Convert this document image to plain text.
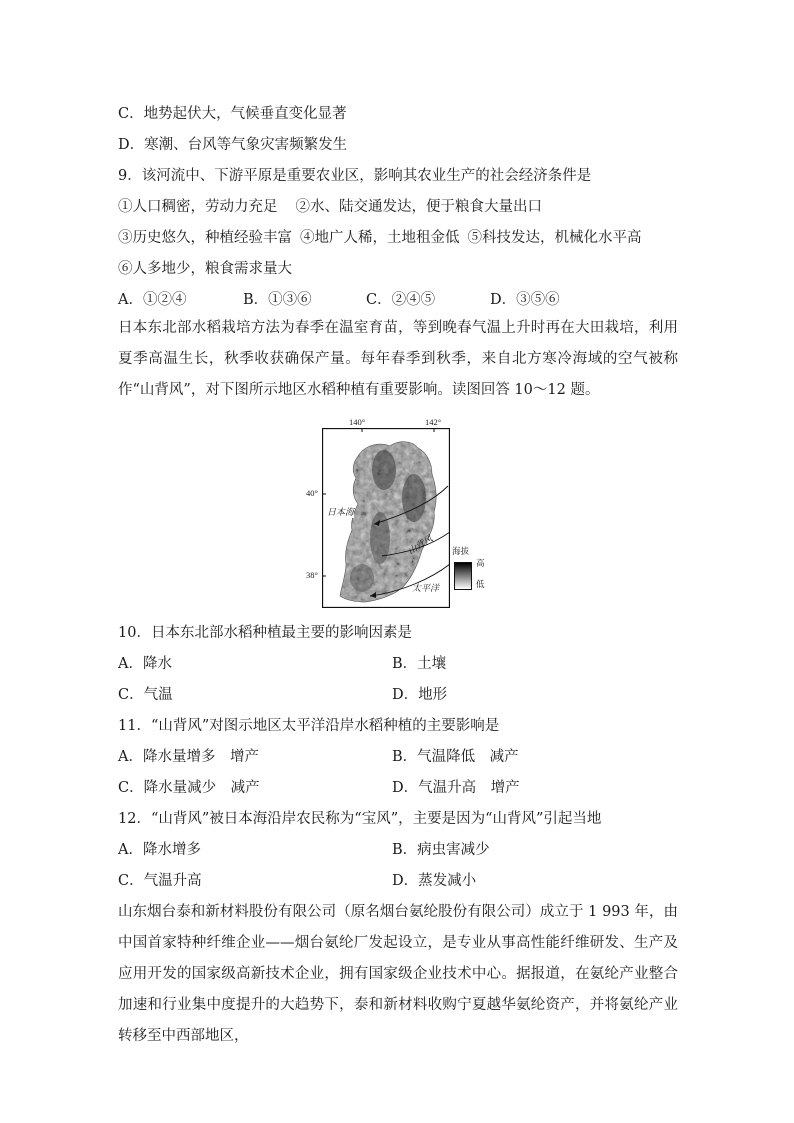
C．地势起伏大，气候垂直变化显著
D．寒潮、台风等气象灾害频繁发生
9．该河流中、下游平原是重要农业区，影响其农业生产的社会经济条件是
①人口稠密，劳动力充足 ②水、陆交通发达，便于粮食大量出口
③历史悠久，种植经验丰富 ④地广人稀，土地租金低 ⑤科技发达，机械化水平高
⑥人多地少，粮食需求量大
A．①②④	B．①③⑥	C．②④⑤	D．③⑤⑥
日本东北部水稻栽培方法为春季在温室育苗，等到晚春气温上升时再在大田栽培，利用夏季高温生长，秋季收获确保产量。每年春季到秋季，来自北方寒冷海域的空气被称作“山背风”，对下图所示地区水稻种植有重要影响。读图回答 10～12 题。
140°	142°
40°
38°
日本海
山背风
太平洋
海拔
高
低
10．日本东北部水稻种植最主要的影响因素是
A．降水	B．土壤
C．气温	D．地形
11．“山背风”对图示地区太平洋沿岸水稻种植的主要影响是
A．降水量增多　增产	B．气温降低　减产
C．降水量减少　减产	D．气温升高　增产
12．“山背风”被日本海沿岸农民称为“宝风”，主要是因为“山背风”引起当地
A．降水增多	B．病虫害减少
C．气温升高	D．蒸发减小
山东烟台泰和新材料股份有限公司（原名烟台氨纶股份有限公司）成立于 1 993 年，由中国首家特种纤维企业——烟台氨纶厂发起设立，是专业从事高性能纤维研发、生产及应用开发的国家级高新技术企业，拥有国家级企业技术中心。据报道，在氨纶产业整合加速和行业集中度提升的大趋势下，泰和新材料收购宁夏越华氨纶资产，并将氨纶产业转移至中西部地区，
